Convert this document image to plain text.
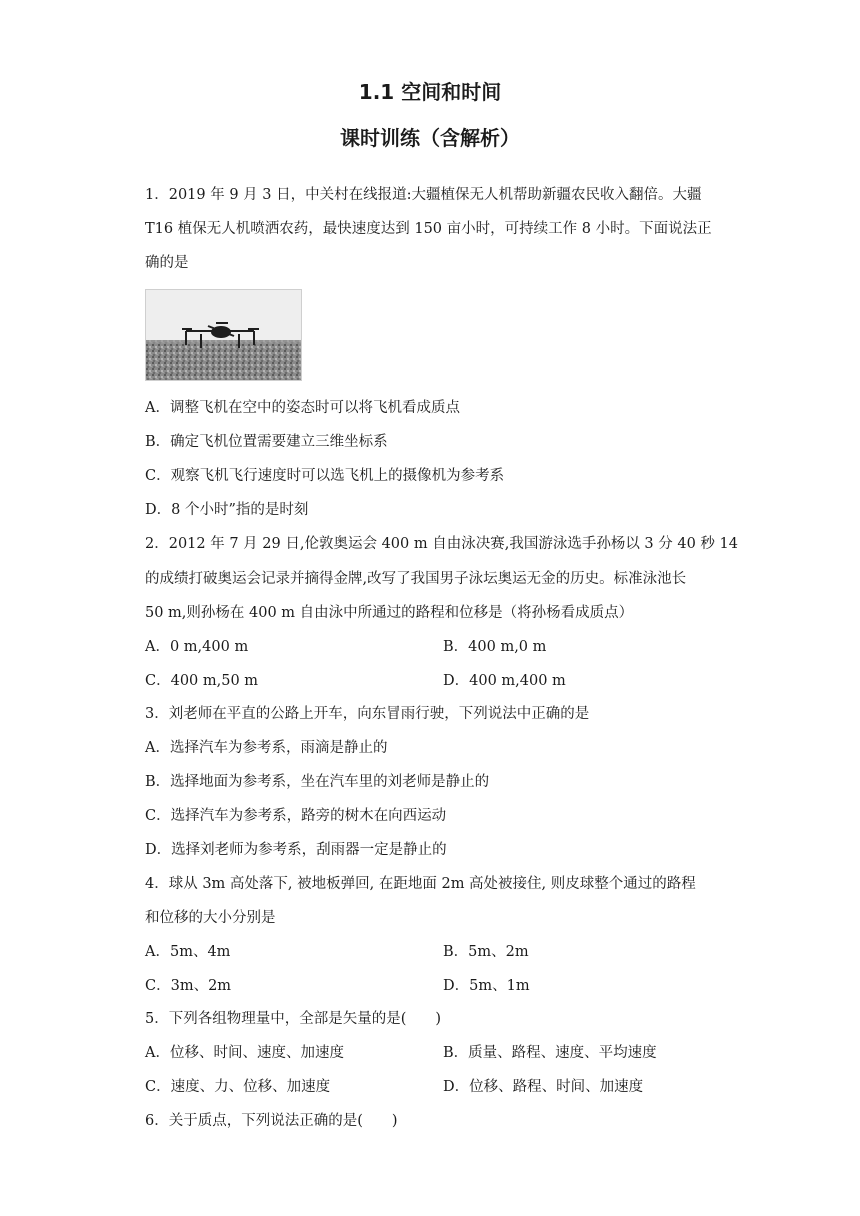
1.1 空间和时间
课时训练（含解析）
1．2019 年 9 月 3 日，中关村在线报道:大疆植保无人机帮助新疆农民收入翻倍。大疆
T16 植保无人机喷洒农药，最快速度达到 150 亩小时，可持续工作 8 小时。下面说法正
确的是
A．调整飞机在空中的姿态时可以将飞机看成质点
B．确定飞机位置需要建立三维坐标系
C．观察飞机飞行速度时可以选飞机上的摄像机为参考系
D．8 个小时”指的是时刻
2．2012 年 7 月 29 日,伦敦奥运会 400 m 自由泳决赛,我国游泳选手孙杨以 3 分 40 秒 14
的成绩打破奥运会记录并摘得金牌,改写了我国男子泳坛奥运无金的历史。标准泳池长
50 m,则孙杨在 400 m 自由泳中所通过的路程和位移是（将孙杨看成质点）
A．0 m,400 m	B．400 m,0 m
C．400 m,50 m	D．400 m,400 m
3．刘老师在平直的公路上开车，向东冒雨行驶，下列说法中正确的是
A．选择汽车为参考系，雨滴是静止的
B．选择地面为参考系，坐在汽车里的刘老师是静止的
C．选择汽车为参考系，路旁的树木在向西运动
D．选择刘老师为参考系，刮雨器一定是静止的
4．球从 3m 高处落下, 被地板弹回, 在距地面 2m 高处被接住, 则皮球整个通过的路程
和位移的大小分别是
A．5m、4m	B．5m、2m
C．3m、2m	D．5m、1m
5．下列各组物理量中，全部是矢量的是(　　)
A．位移、时间、速度、加速度	B．质量、路程、速度、平均速度
C．速度、力、位移、加速度	D．位移、路程、时间、加速度
6．关于质点，下列说法正确的是(　　)
